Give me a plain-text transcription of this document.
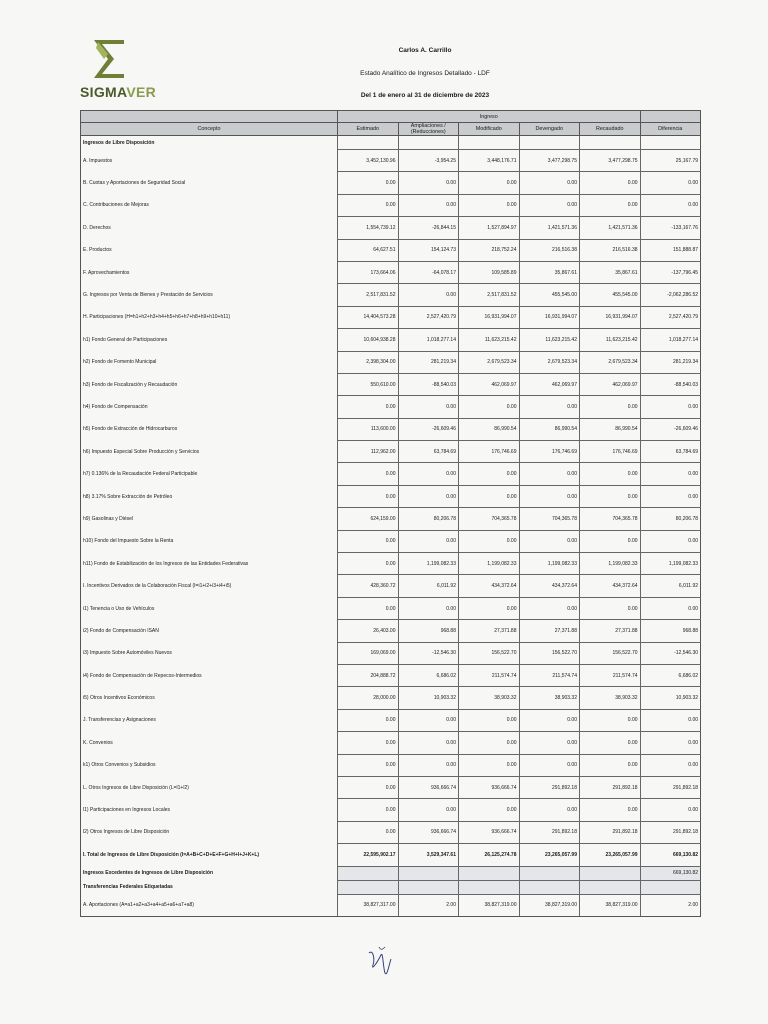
SIGMAVER
Carlos A. Carrillo
Estado Analítico de Ingresos Detallado - LDF
Del 1 de enero al 31 de diciembre de 2023
	Ingreso					
Concepto	Estimado	Ampliaciones / (Reducciones)	Modificado	Devengado	Recaudado	Diferencia
Ingresos de Libre Disposición						
A. Impuestos	3,452,130.96	-3,954.25	3,448,176.71	3,477,298.75	3,477,298.75	25,167.79
B. Cuotas y Aportaciones de Seguridad Social	0.00	0.00	0.00	0.00	0.00	0.00
C. Contribuciones de Mejoras	0.00	0.00	0.00	0.00	0.00	0.00
D. Derechos	1,554,739.12	-26,844.15	1,527,894.97	1,421,571.36	1,421,571.36	-133,167.76
E. Productos	64,627.51	154,124.73	218,752.24	216,516.38	216,516.38	151,888.87
F. Aprovechamientos	173,664.06	-64,078.17	109,585.89	35,867.61	35,867.61	-137,796.45
G. Ingresos por Venta de Bienes y Prestación de Servicios	2,517,831.52	0.00	2,517,831.52	455,545.00	455,545.00	-2,062,286.52
H. Participaciones (H=h1+h2+h3+h4+h5+h6+h7+h8+h9+h10+h11)	14,404,573.28	2,527,420.79	16,931,994.07	16,931,994.07	16,931,994.07	2,527,420.79
h1) Fondo General de Participaciones	10,604,938.28	1,018,277.14	11,623,215.42	11,623,215.42	11,623,215.42	1,018,277.14
h2) Fondo de Fomento Municipal	2,398,304.00	281,219.34	2,679,523.34	2,679,523.34	2,679,523.34	281,219.34
h3) Fondo de Fiscalización y Recaudación	550,610.00	-88,540.03	462,069.97	462,069.97	462,069.97	-88,540.03
h4) Fondo de Compensación	0.00	0.00	0.00	0.00	0.00	0.00
h5) Fondo de Extracción de Hidrocarburos	113,600.00	-26,609.46	86,990.54	86,990.54	86,990.54	-26,609.46
h6) Impuesto Especial Sobre Producción y Servicios	112,962.00	63,784.69	176,746.69	176,746.69	176,746.69	63,784.69
h7) 0.136% de la Recaudación Federal Participable	0.00	0.00	0.00	0.00	0.00	0.00
h8) 3.17% Sobre Extracción de Petróleo	0.00	0.00	0.00	0.00	0.00	0.00
h9) Gasolinas y Diésel	624,159.00	80,206.78	704,365.78	704,365.78	704,365.78	80,206.78
h10) Fondo del Impuesto Sobre la Renta	0.00	0.00	0.00	0.00	0.00	0.00
h11) Fondo de Estabilización de los Ingresos de las Entidades Federativas	0.00	1,199,082.33	1,199,082.33	1,199,082.33	1,199,082.33	1,199,082.33
I. Incentivos Derivados de la Colaboración Fiscal (I=i1+i2+i3+i4+i5)	428,360.72	6,011.92	434,372.64	434,372.64	434,372.64	6,011.92
i1) Tenencia o Uso de Vehículos	0.00	0.00	0.00	0.00	0.00	0.00
i2) Fondo de Compensación ISAN	26,403.00	968.88	27,371.88	27,371.88	27,371.88	968.88
i3) Impuesto Sobre Automóviles Nuevos	169,069.00	-12,546.30	156,522.70	156,522.70	156,522.70	-12,546.30
i4) Fondo de Compensación de Repecos-Intermedios	204,888.72	6,686.02	211,574.74	211,574.74	211,574.74	6,686.02
i5) Otros Incentivos Económicos	28,000.00	10,903.32	38,903.32	38,903.32	38,903.32	10,903.32
J. Transferencias y Asignaciones	0.00	0.00	0.00	0.00	0.00	0.00
K. Convenios	0.00	0.00	0.00	0.00	0.00	0.00
k1) Otros Convenios y Subsidios	0.00	0.00	0.00	0.00	0.00	0.00
L. Otros Ingresos de Libre Disposición (L=l1+l2)	0.00	936,666.74	936,666.74	291,892.18	291,892.18	291,892.18
l1) Participaciones en Ingresos Locales	0.00	0.00	0.00	0.00	0.00	0.00
l2) Otros Ingresos de Libre Disposición	0.00	936,666.74	936,666.74	291,892.18	291,892.18	291,892.18
I. Total de Ingresos de Libre Disposición (I=A+B+C+D+E+F+G+H+I+J+K+L)	22,595,902.17	3,529,347.61	26,125,274.78	23,265,057.99	23,265,057.99	669,130.82
Ingresos Excedentes de Ingresos de Libre Disposición						669,130.82
Transferencias Federales Etiquetadas						
A. Aportaciones (A=a1+a2+a3+a4+a5+a6+a7+a8)	38,827,317.00	2.00	38,827,319.00	38,827,319.00	38,827,319.00	2.00
